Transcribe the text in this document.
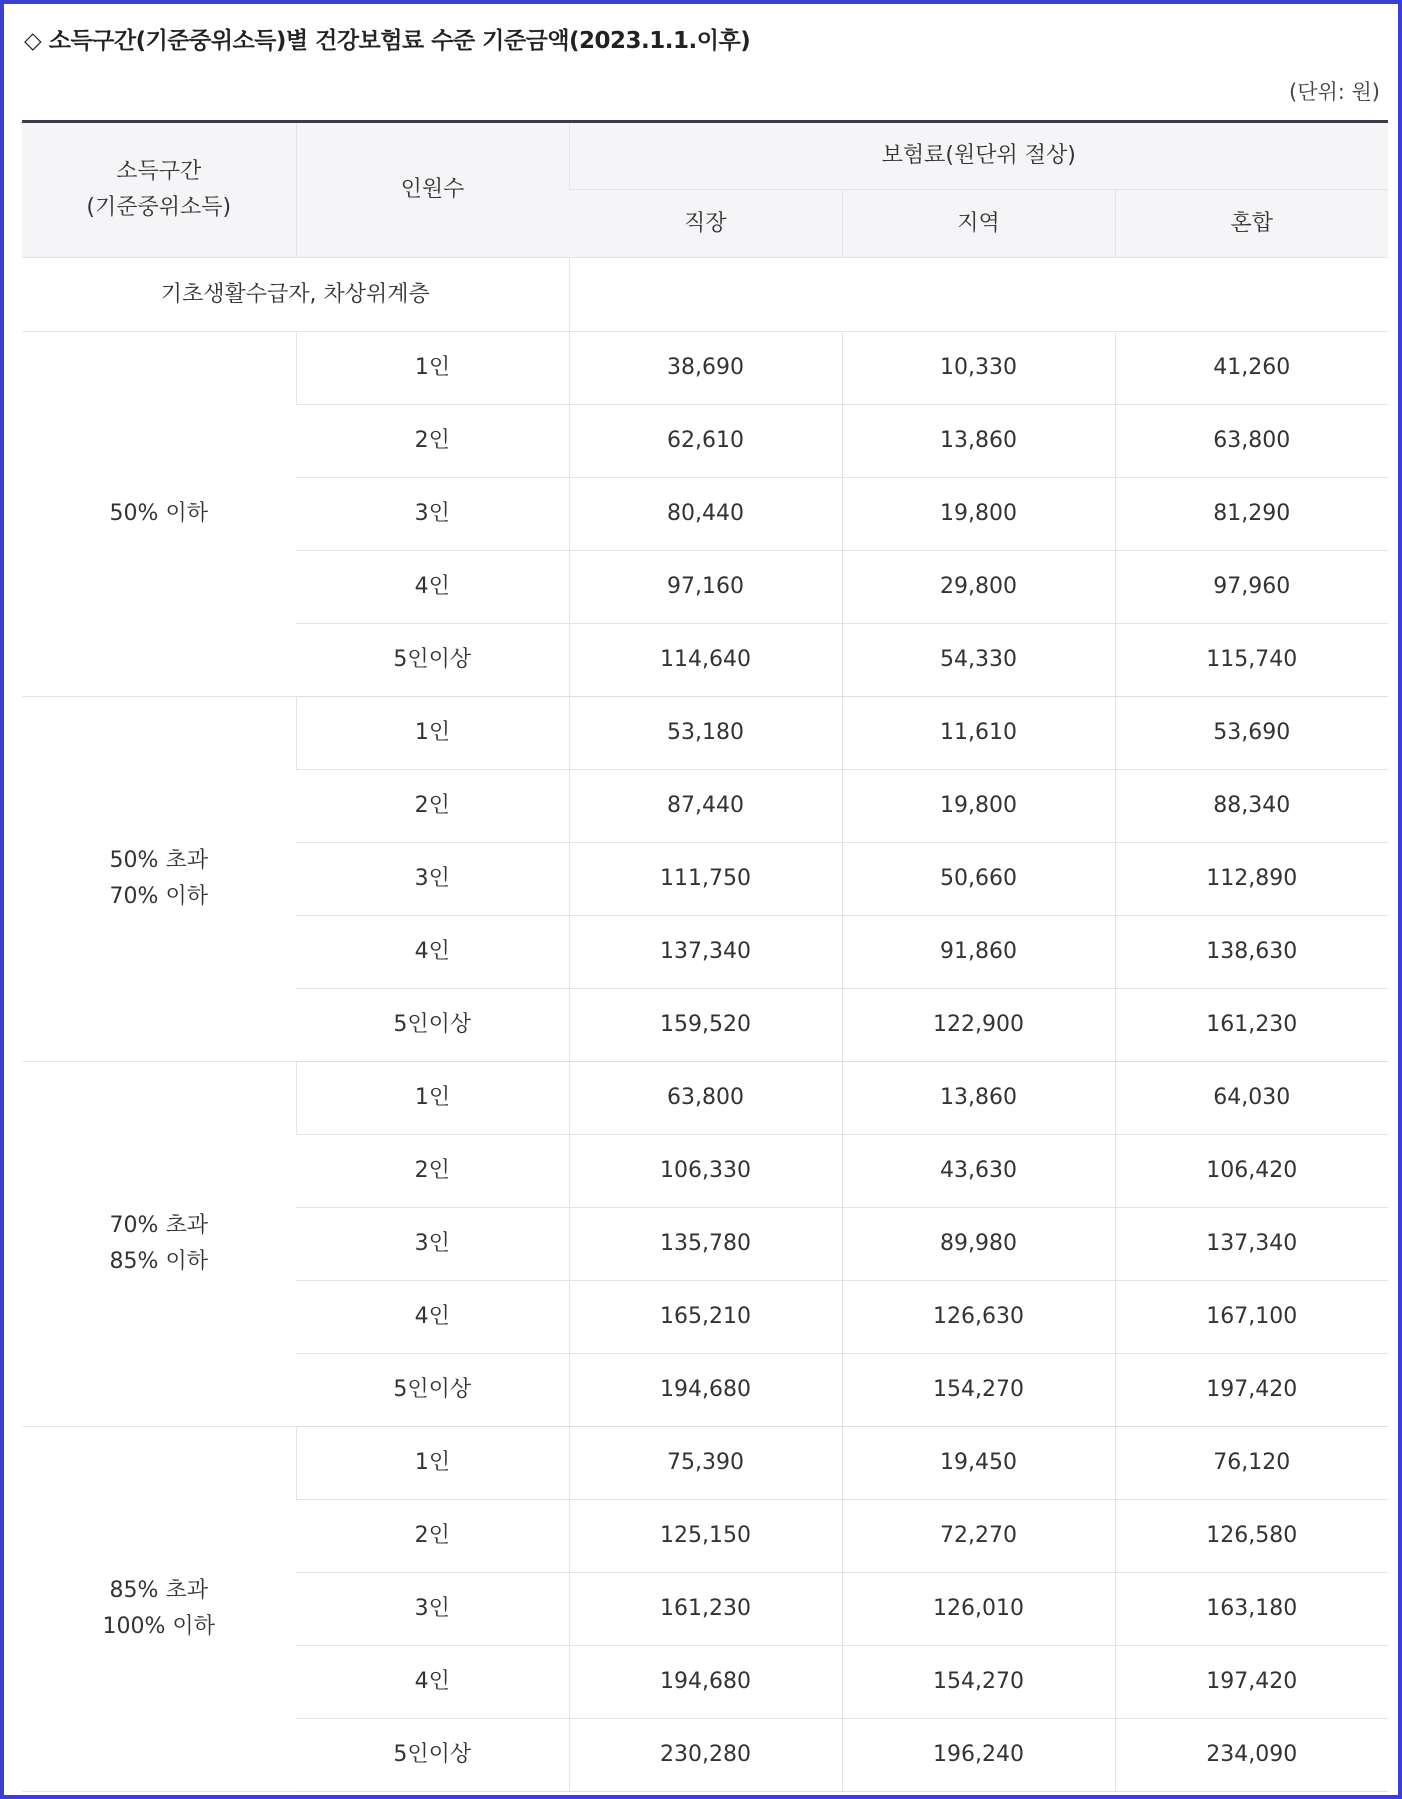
◇ 소득구간(기준중위소득)별 건강보험료 수준 기준금액(2023.1.1.이후)
(단위: 원)
소득구간
(기준중위소득)	인원수	보험료(원단위 절상)		
		직장	지역	혼합
기초생활수급자, 차상위계층				

50% 이하	1인	38,690	10,330	41,260
	2인	62,610	13,860	63,800
	3인	80,440	19,800	81,290
	4인	97,160	29,800	97,960
	5인이상	114,640	54,330	115,740

50% 초과
70% 이하	1인	53,180	11,610	53,690
	2인	87,440	19,800	88,340
	3인	111,750	50,660	112,890
	4인	137,340	91,860	138,630
	5인이상	159,520	122,900	161,230

70% 초과
85% 이하	1인	63,800	13,860	64,030
	2인	106,330	43,630	106,420
	3인	135,780	89,980	137,340
	4인	165,210	126,630	167,100
	5인이상	194,680	154,270	197,420

85% 초과
100% 이하	1인	75,390	19,450	76,120
	2인	125,150	72,270	126,580
	3인	161,230	126,010	163,180
	4인	194,680	154,270	197,420
	5인이상	230,280	196,240	234,090
